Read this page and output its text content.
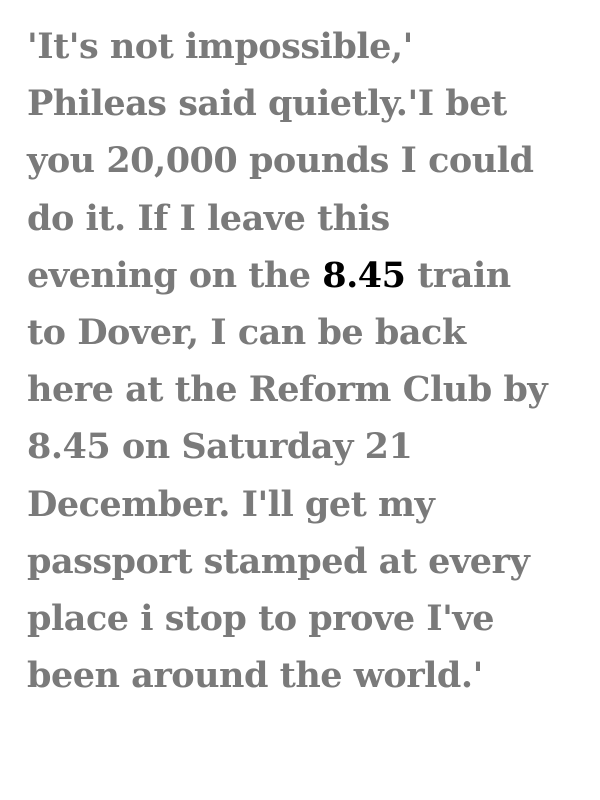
'It's not impossible,'
Phileas said quietly.'I bet
you 20,000 pounds I could
do it. If I leave this
evening on the 8.45 train
to Dover, I can be back
here at the Reform Club by
8.45 on Saturday 21
December. I'll get my
passport stamped at every
place i stop to prove I've
been around the world.'
